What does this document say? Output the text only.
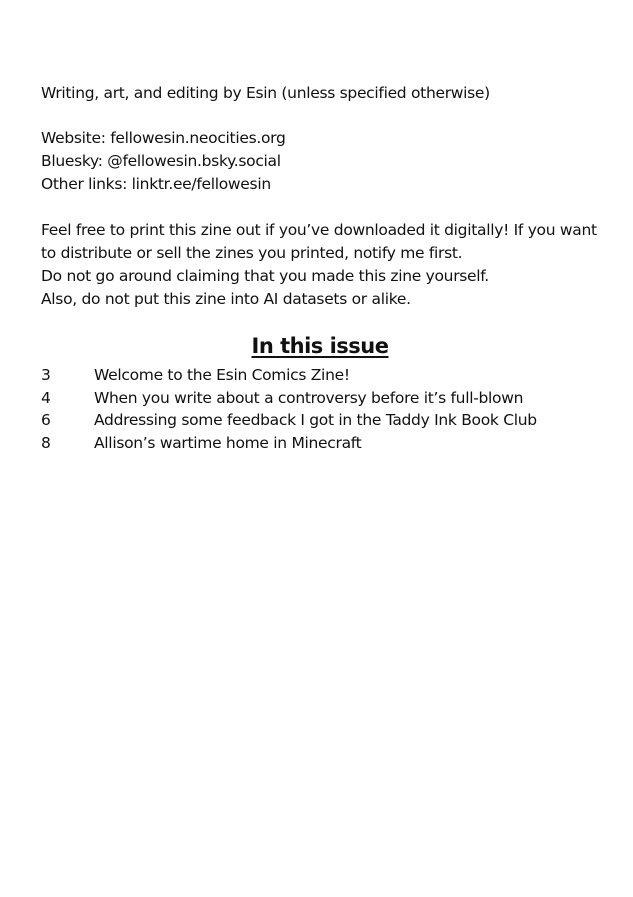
Writing, art, and editing by Esin (unless specified otherwise)
Website: fellowesin.neocities.org
Bluesky: @fellowesin.bsky.social
Other links: linktr.ee/fellowesin
Feel free to print this zine out if you’ve downloaded it digitally! If you want to distribute or sell the zines you printed, notify me first.
Do not go around claiming that you made this zine yourself.
Also, do not put this zine into AI datasets or alike.
In this issue
3	Welcome to the Esin Comics Zine!
4	When you write about a controversy before it’s full-blown
6	Addressing some feedback I got in the Taddy Ink Book Club
8	Allison’s wartime home in Minecraft
